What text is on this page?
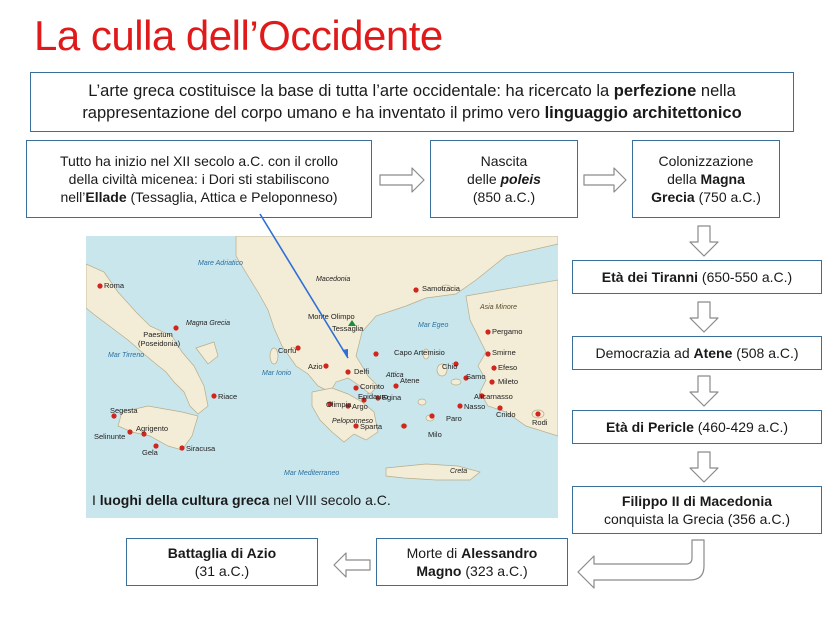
La culla dell’Occidente
L’arte greca costituisce la base di tutta l’arte occidentale: ha ricercato la perfezione nella rappresentazione del corpo umano e ha inventato il primo vero linguaggio architettonico
Tutto ha inizio nel XII secolo a.C. con il crollo
della civiltà micenea: i Dori sti stabiliscono
nell’Ellade (Tessaglia, Attica e Peloponneso)
Nascita
delle poleis
(850 a.C.)
Colonizzazione
della Magna
Grecia (750 a.C.)
Età dei Tiranni (650-550 a.C.)
Democrazia ad Atene (508 a.C.)
Età di Pericle (460-429 a.C.)
Filippo II di Macedonia
conquista la Grecia (356 a.C.)
Morte di Alessandro
Magno (323 a.C.)
Battaglia di Azio
(31 a.C.)
Mare Adriatico
Mar Tirreno
Mar Ionio
Mar Egeo
Mar Mediterraneo
Asia Minore
Magna Grecia
Macedonia
Peloponneso
Attica
Creta
Roma
Paestum (Poseidonia)
Corfù
Azio
Delfi
Riace
Segesta
Selinunte
Agrigento
Gela	Siracusa
Olimpia Argo
Corinto
Epidauro
Atene
Egina
Sparta
Milo
Paro
Nasso
Capo Artemisio
Chio
Samo
Mileto
Efeso
Smirne
Pergamo
Samotracia
Monte Olimpo
Tessaglia
Alicarnasso
Cnido
Rodi
I luoghi della cultura greca nel VIII secolo a.C.
